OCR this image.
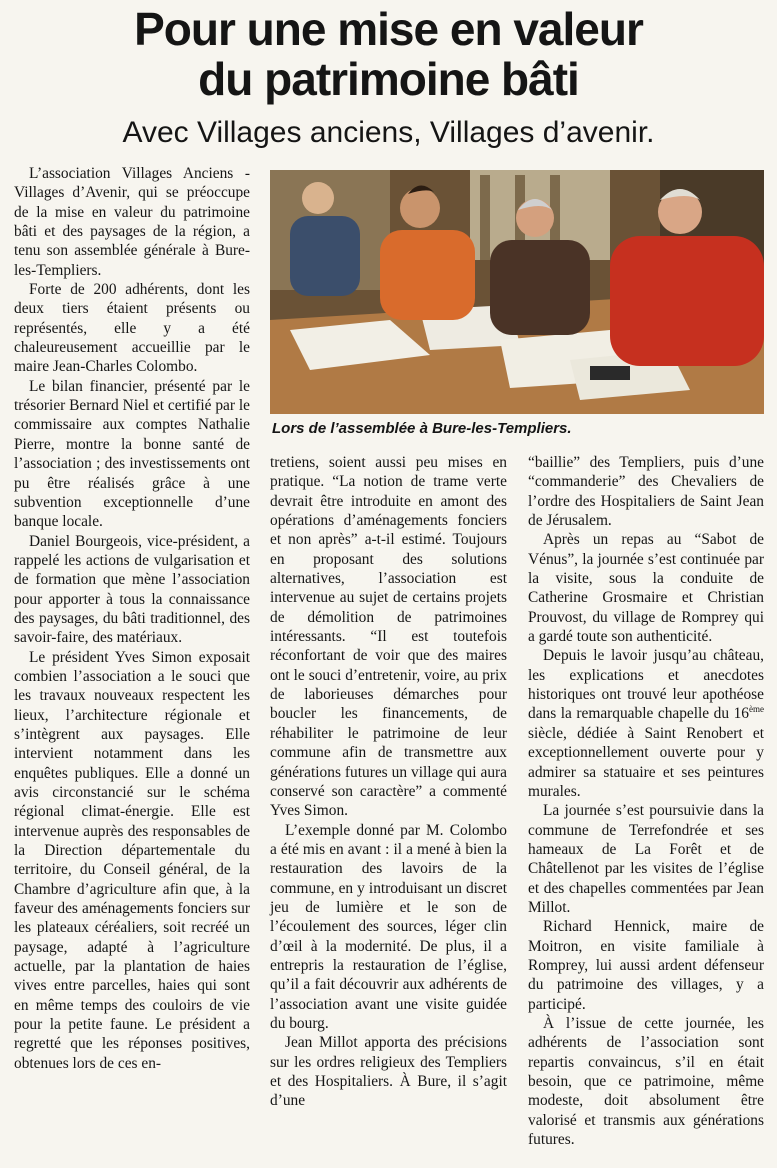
Pour une mise en valeur
du patrimoine bâti
Avec Villages anciens, Villages d’avenir.
Lors de l’assemblée à Bure-les-Templiers.

L’association Villages Anciens - Villages d’Avenir, qui se préoccupe de la mise en valeur du patrimoine bâti et des paysages de la région, a tenu son assemblée générale à Bure-les-Templiers.

Forte de 200 adhérents, dont les deux tiers étaient présents ou représentés, elle y a été chaleureusement accueillie par le maire Jean-Charles Colombo.

Le bilan financier, présenté par le trésorier Bernard Niel et certifié par le commissaire aux comptes Nathalie Pierre, montre la bonne santé de l’association ; des investissements ont pu être réalisés grâce à une subvention exceptionnelle d’une banque locale.

Daniel Bourgeois, vice-président, a rappelé les actions de vulgarisation et de formation que mène l’association pour apporter à tous la connaissance des paysages, du bâti traditionnel, des savoir-faire, des matériaux.

Le président Yves Simon exposait combien l’association a le souci que les travaux nouveaux respectent les lieux, l’architecture régionale et s’intègrent aux paysages. Elle intervient notamment dans les enquêtes publiques. Elle a donné un avis circonstancié sur le schéma régional climat-énergie. Elle est intervenue auprès des responsables de la Direction départementale du territoire, du Conseil général, de la Chambre d’agriculture afin que, à la faveur des aménagements fonciers sur les plateaux céréaliers, soit recréé un paysage, adapté à l’agriculture actuelle, par la plantation de haies vives entre parcelles, haies qui sont en même temps des couloirs de vie pour la petite faune. Le président a regretté que les réponses positives, obtenues lors de ces en-

tretiens, soient aussi peu mises en pratique. “La notion de trame verte devrait être introduite en amont des opérations d’aménagements fonciers et non après” a-t-il estimé. Toujours en proposant des solutions alternatives, l’association est intervenue au sujet de certains projets de démolition de patrimoines intéressants. “Il est toutefois réconfortant de voir que des maires ont le souci d’entretenir, voire, au prix de laborieuses démarches pour boucler les financements, de réhabiliter le patrimoine de leur commune afin de transmettre aux générations futures un village qui aura conservé son caractère” a commenté Yves Simon.

L’exemple donné par M. Colombo a été mis en avant : il a mené à bien la restauration des lavoirs de la commune, en y introduisant un discret jeu de lumière et le son de l’écoulement des sources, léger clin d’œil à la modernité. De plus, il a entrepris la restauration de l’église, qu’il a fait découvrir aux adhérents de l’association avant une visite guidée du bourg.

Jean Millot apporta des précisions sur les ordres religieux des Templiers et des Hospitaliers. À Bure, il s’agit d’une

“baillie” des Templiers, puis d’une “commanderie” des Chevaliers de l’ordre des Hospitaliers de Saint Jean de Jérusalem.

Après un repas au “Sabot de Vénus”, la journée s’est continuée par la visite, sous la conduite de Catherine Grosmaire et Christian Prouvost, du village de Romprey qui a gardé toute son authenticité.

Depuis le lavoir jusqu’au château, les explications et anecdotes historiques ont trouvé leur apothéose dans la remarquable chapelle du 16ème siècle, dédiée à Saint Renobert et exceptionnellement ouverte pour y admirer sa statuaire et ses peintures murales.

La journée s’est poursuivie dans la commune de Terrefondrée et ses hameaux de La Forêt et de Châtellenot par les visites de l’église et des chapelles commentées par Jean Millot.

Richard Hennick, maire de Moitron, en visite familiale à Romprey, lui aussi ardent défenseur du patrimoine des villages, y a participé.

À l’issue de cette journée, les adhérents de l’association sont repartis convaincus, s’il en était besoin, que ce patrimoine, même modeste, doit absolument être valorisé et transmis aux générations futures.
